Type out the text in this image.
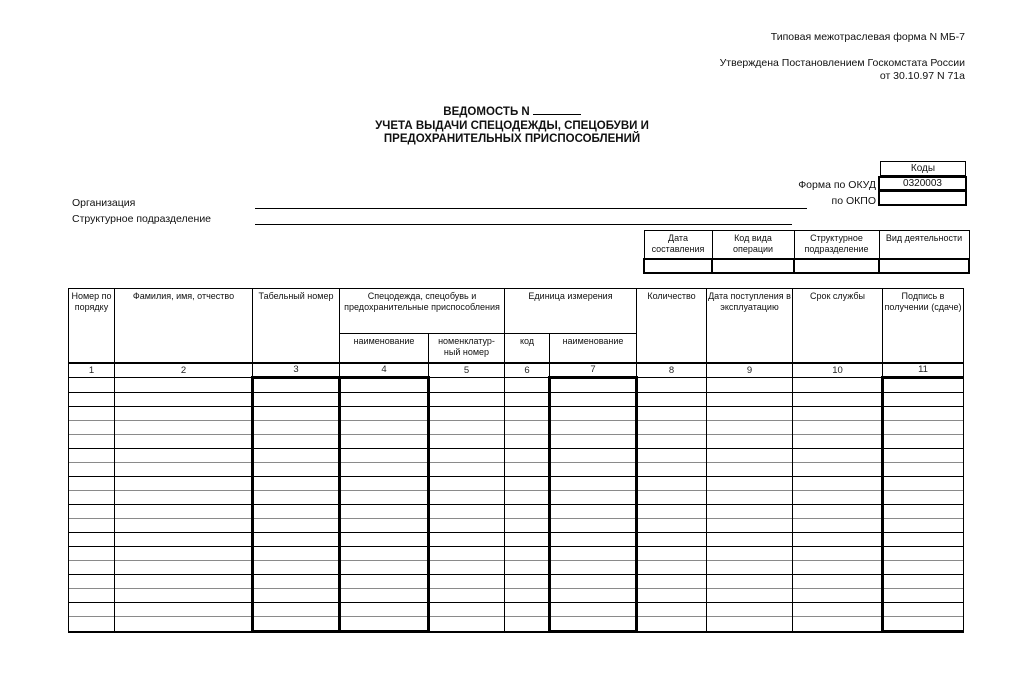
Типовая межотраслевая форма N МБ-7
Утверждена Постановлением Госкомстата России
от 30.10.97 N 71а
ВЕДОМОСТЬ N
УЧЕТА ВЫДАЧИ СПЕЦОДЕЖДЫ, СПЕЦОБУВИ И
ПРЕДОХРАНИТЕЛЬНЫХ ПРИСПОСОБЛЕНИЙ
Коды
Форма по ОКУД	0320003
по ОКПО
Организация
Структурное подразделение
Дата составления	Код вида операции	Структурное подразделение	Вид деятельности

Номер по порядку	Фамилия, имя, отчество	Табельный номер	Спецодежда, спецобувь и предохранительные приспособления		Единица измерения		Количество	Дата поступления в эксплуатацию	Срок службы	Подпись в получении (сдаче)
			наименование	номенклатур-ный номер	код	наименование				
1	2	3	4	5	6	7	8	9	10	11
